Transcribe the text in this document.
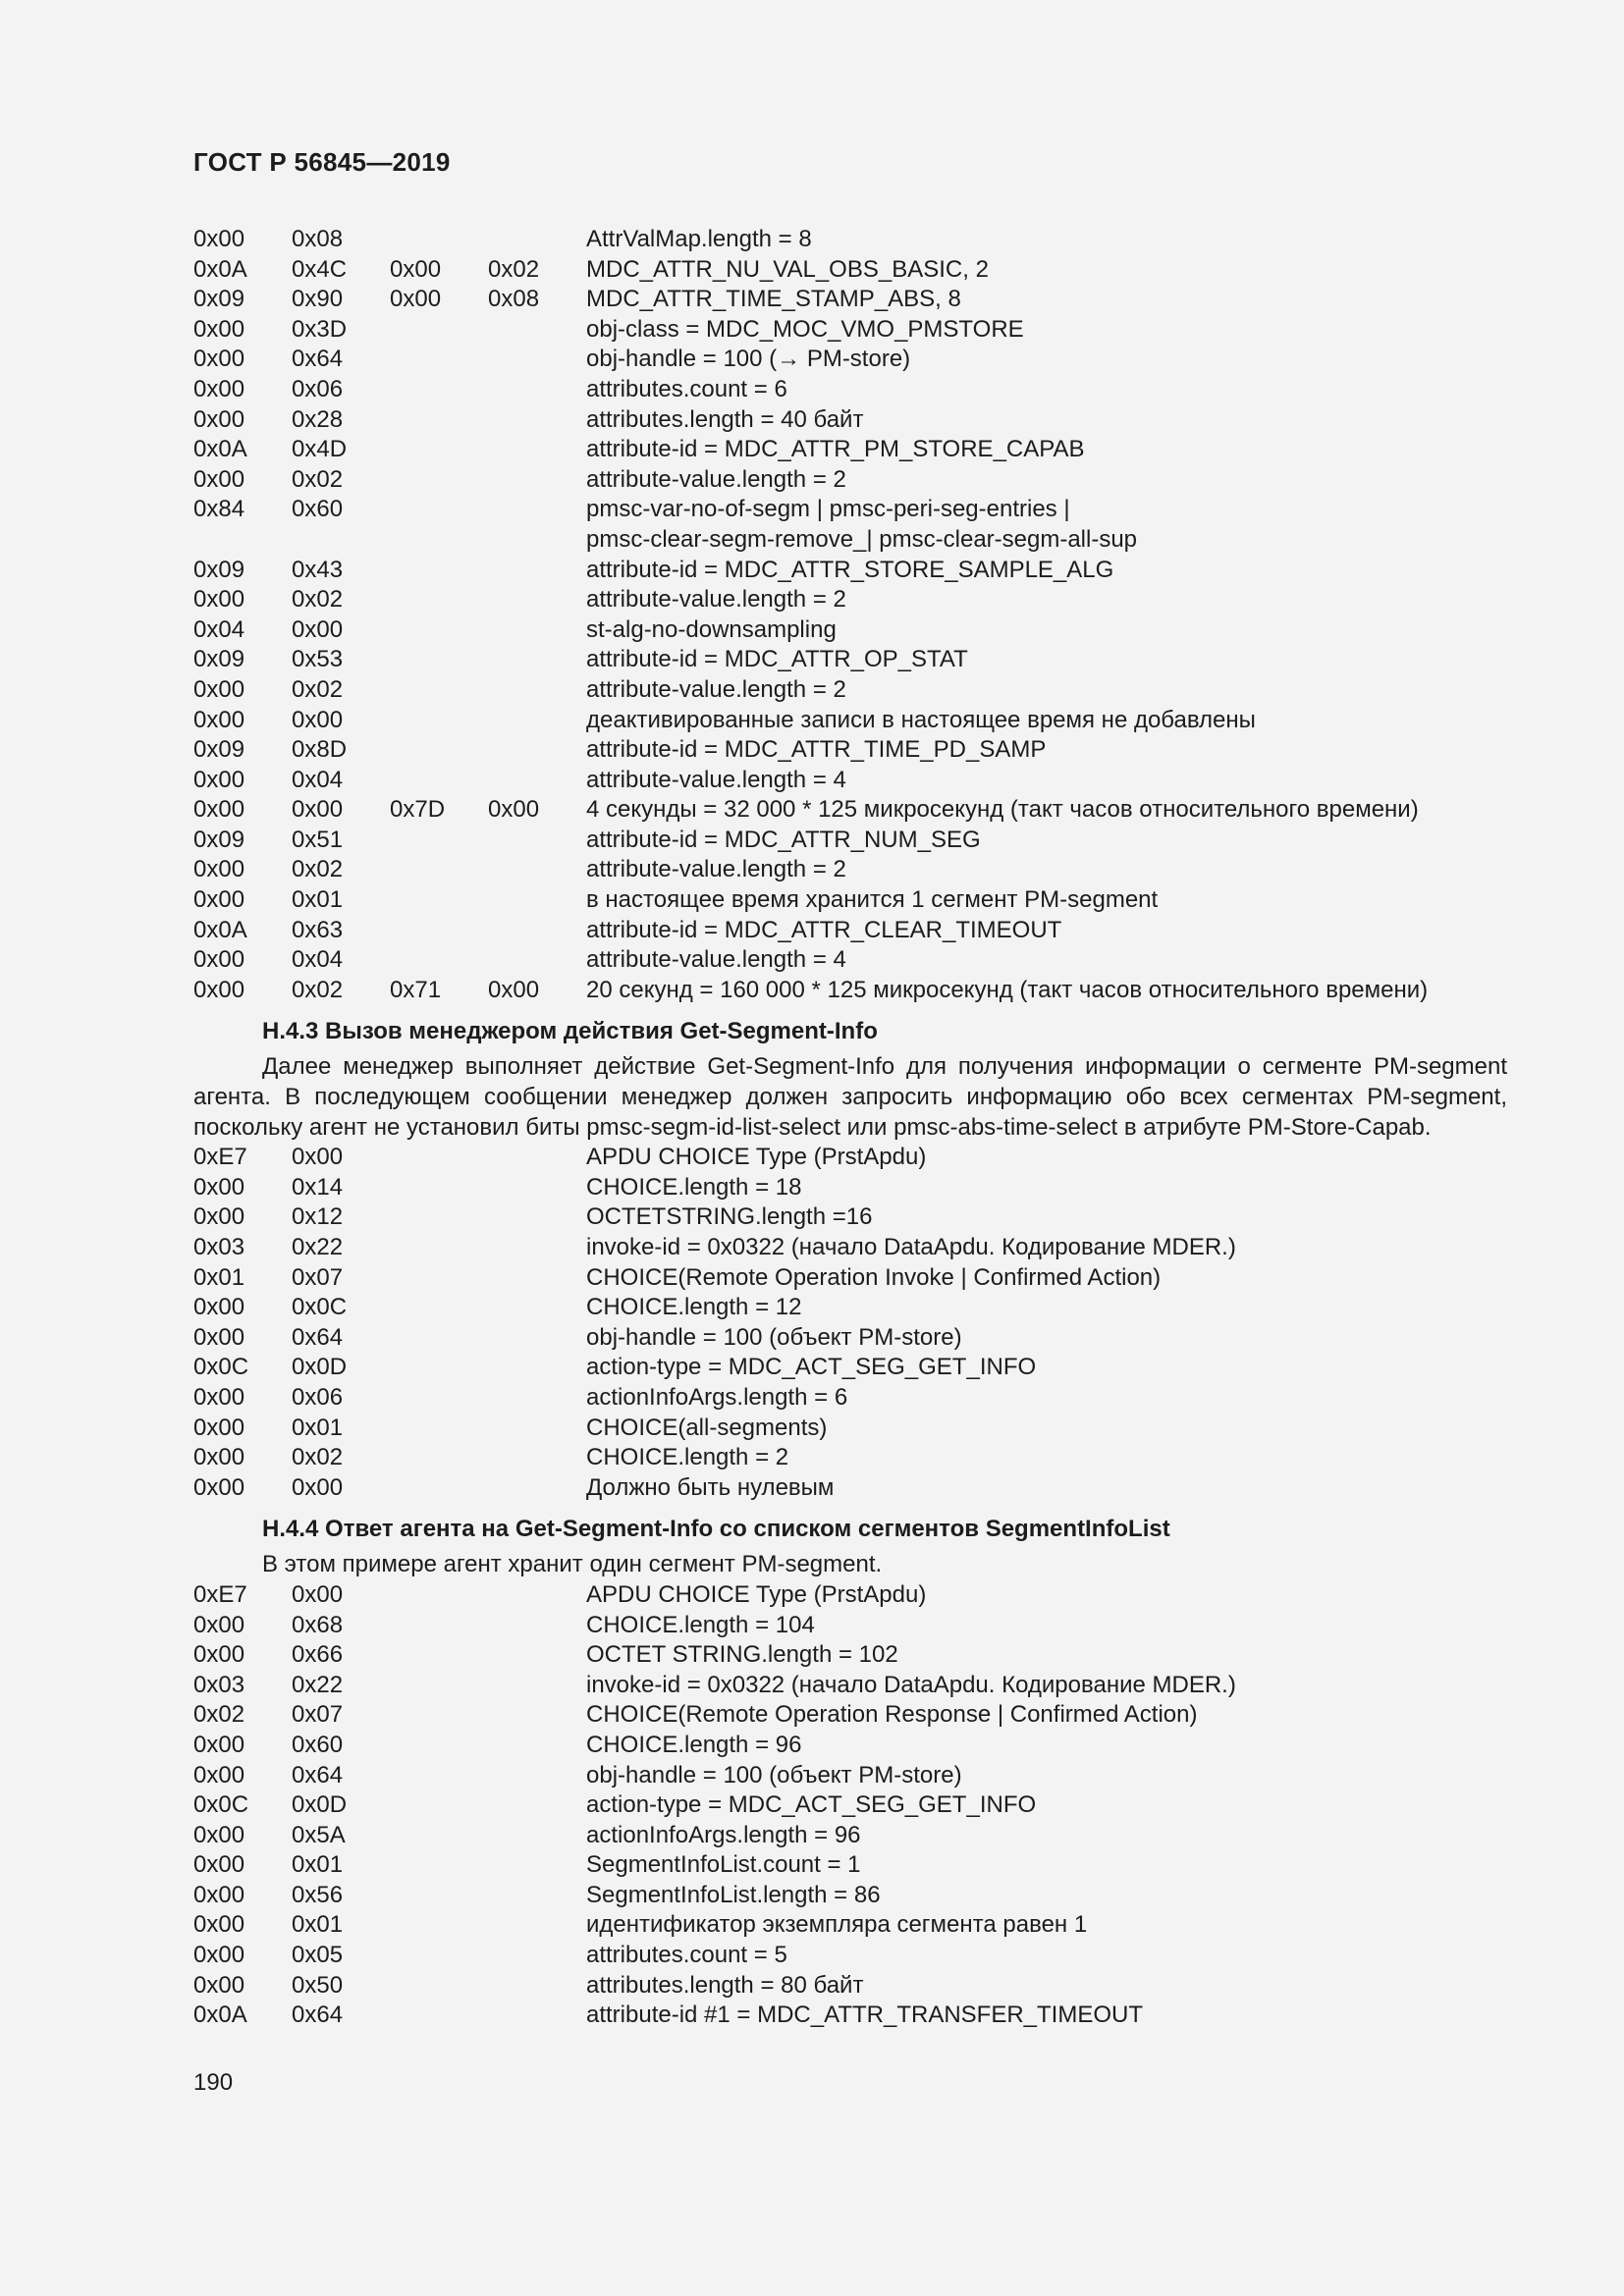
ГОСТ Р 56845—2019
0x00 0x08	AttrValMap.length = 8
0x0A 0x4C 0x00 0x02 MDC_ATTR_NU_VAL_OBS_BASIC, 2
0x09 0x90 0x00 0x08 MDC_ATTR_TIME_STAMP_ABS, 8
0x00 0x3D	obj-class = MDC_MOC_VMO_PMSTORE
0x00 0x64	obj-handle = 100 (→ PM-store)
0x00 0x06	attributes.count = 6
0x00 0x28	attributes.length = 40 байт
0x0A 0x4D	attribute-id = MDC_ATTR_PM_STORE_CAPAB
0x00 0x02	attribute-value.length = 2
0x84 0x60	pmsc-var-no-of-segm | pmsc-peri-seg-entries |
pmsc-clear-segm-remove_| pmsc-clear-segm-all-sup
0x09 0x43	attribute-id = MDC_ATTR_STORE_SAMPLE_ALG
0x00 0x02	attribute-value.length = 2
0x04 0x00	st-alg-no-downsampling
0x09 0x53	attribute-id = MDC_ATTR_OP_STAT
0x00 0x02	attribute-value.length = 2
0x00 0x00	деактивированные записи в настоящее время не добавлены
0x09 0x8D	attribute-id = MDC_ATTR_TIME_PD_SAMP
0x00 0x04	attribute-value.length = 4
0x00 0x00 0x7D 0x00 4 секунды = 32 000 * 125 микросекунд (такт часов относительного времени)
0x09 0x51	attribute-id = MDC_ATTR_NUM_SEG
0x00 0x02	attribute-value.length = 2
0x00 0x01	в настоящее время хранится 1 сегмент PM-segment
0x0A 0x63	attribute-id = MDC_ATTR_CLEAR_TIMEOUT
0x00 0x04	attribute-value.length = 4
0x00 0x02 0x71 0x00 20 секунд = 160 000 * 125 микросекунд (такт часов относительного времени)
H.4.3 Вызов менеджером действия Get-Segment-Info

Далее менеджер выполняет действие Get-Segment-Info для получения информации о сегменте PM-segment агента. В последующем сообщении менеджер должен запросить информацию обо всех сегментах PM-segment, поскольку агент не установил биты pmsc-segm-id-list-select или pmsc-abs-time-select в атрибуте PM-Store-Capab.

0xE7 0x00	APDU CHOICE Type (PrstApdu)
0x00 0x14	CHOICE.length = 18
0x00 0x12	OCTETSTRING.length =16
0x03 0x22	invoke-id = 0x0322 (начало DataApdu. Кодирование MDER.)
0x01 0x07	CHOICE(Remote Operation Invoke | Confirmed Action)
0x00 0x0C	CHOICE.length = 12
0x00 0x64	obj-handle = 100 (объект PM-store)
0x0C 0x0D	action-type = MDC_ACT_SEG_GET_INFO
0x00 0x06	actionInfoArgs.length = 6
0x00 0x01	CHOICE(all-segments)
0x00 0x02	CHOICE.length = 2
0x00 0x00	Должно быть нулевым
H.4.4 Ответ агента на Get-Segment-Info со списком сегментов SegmentInfoList

В этом примере агент хранит один сегмент PM-segment.

0xE7 0x00	APDU CHOICE Type (PrstApdu)
0x00 0x68	CHOICE.length = 104
0x00 0x66	OCTET STRING.length = 102
0x03 0x22	invoke-id = 0x0322 (начало DataApdu. Кодирование MDER.)
0x02 0x07	CHOICE(Remote Operation Response | Confirmed Action)
0x00 0x60	CHOICE.length = 96
0x00 0x64	obj-handle = 100 (объект PM-store)
0x0C 0x0D	action-type = MDC_ACT_SEG_GET_INFO
0x00 0x5A	actionInfoArgs.length = 96
0x00 0x01	SegmentInfoList.count = 1
0x00 0x56	SegmentInfoList.length = 86
0x00 0x01	идентификатор экземпляра сегмента равен 1
0x00 0x05	attributes.count = 5
0x00 0x50	attributes.length = 80 байт
0x0A 0x64	attribute-id #1 = MDC_ATTR_TRANSFER_TIMEOUT
190
